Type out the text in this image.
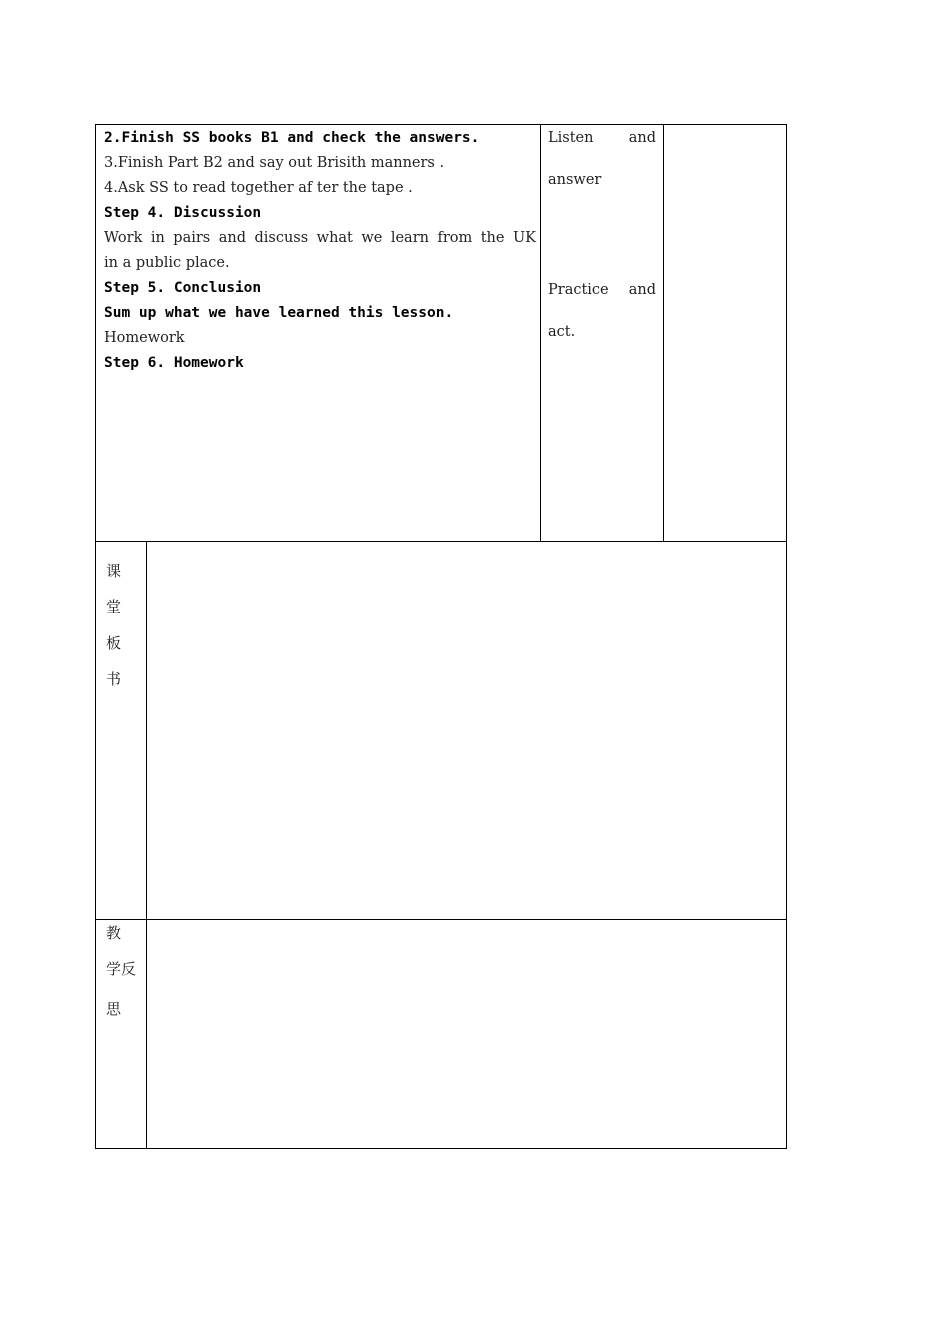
2.Finish SS books B1 and check the answers.
3.Finish Part B2 and say out Brisith manners .
4.Ask SS to read together af ter the tape .
Step 4. Discussion
Work in pairs and discuss what we learn from the UK
in a public place.
Step 5. Conclusion
Sum up what we have learned this lesson.
Homework
Step 6. Homework
Listen and
answer
Practice and
act.
课
堂
板
书
教
学反
思
